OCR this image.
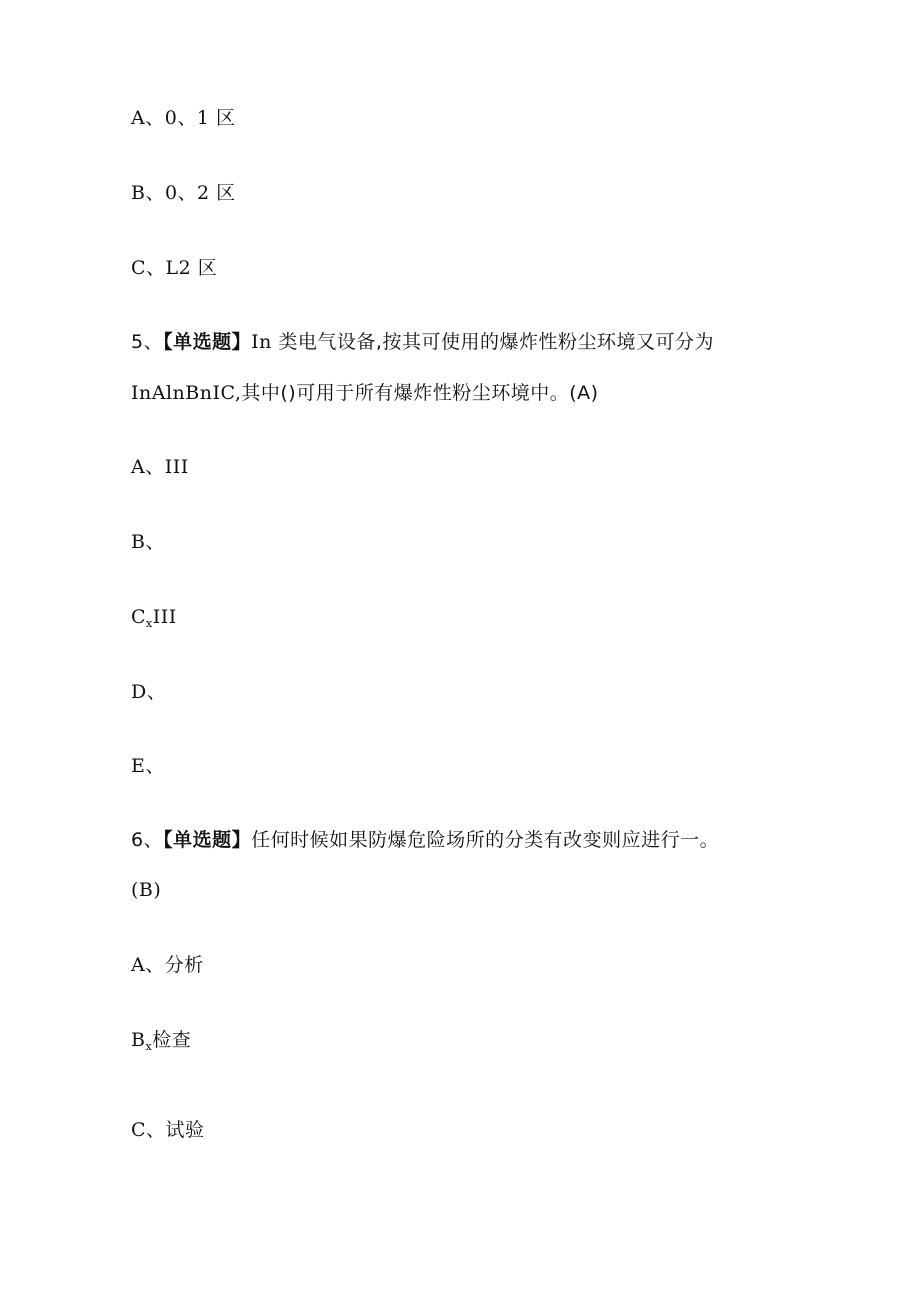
A、0、1 区
B、0、2 区
C、L2 区
5、【单选题】In 类电气设备,按其可使用的爆炸性粉尘环境又可分为
InAlnBnIC,其中()可用于所有爆炸性粉尘环境中。(A)
A、III
B、
$C_xIII$
D、
E、
6、【单选题】任何时候如果防爆危险场所的分类有改变则应进行一。
(B)
A、分析
$B_x$检查
C、试验
